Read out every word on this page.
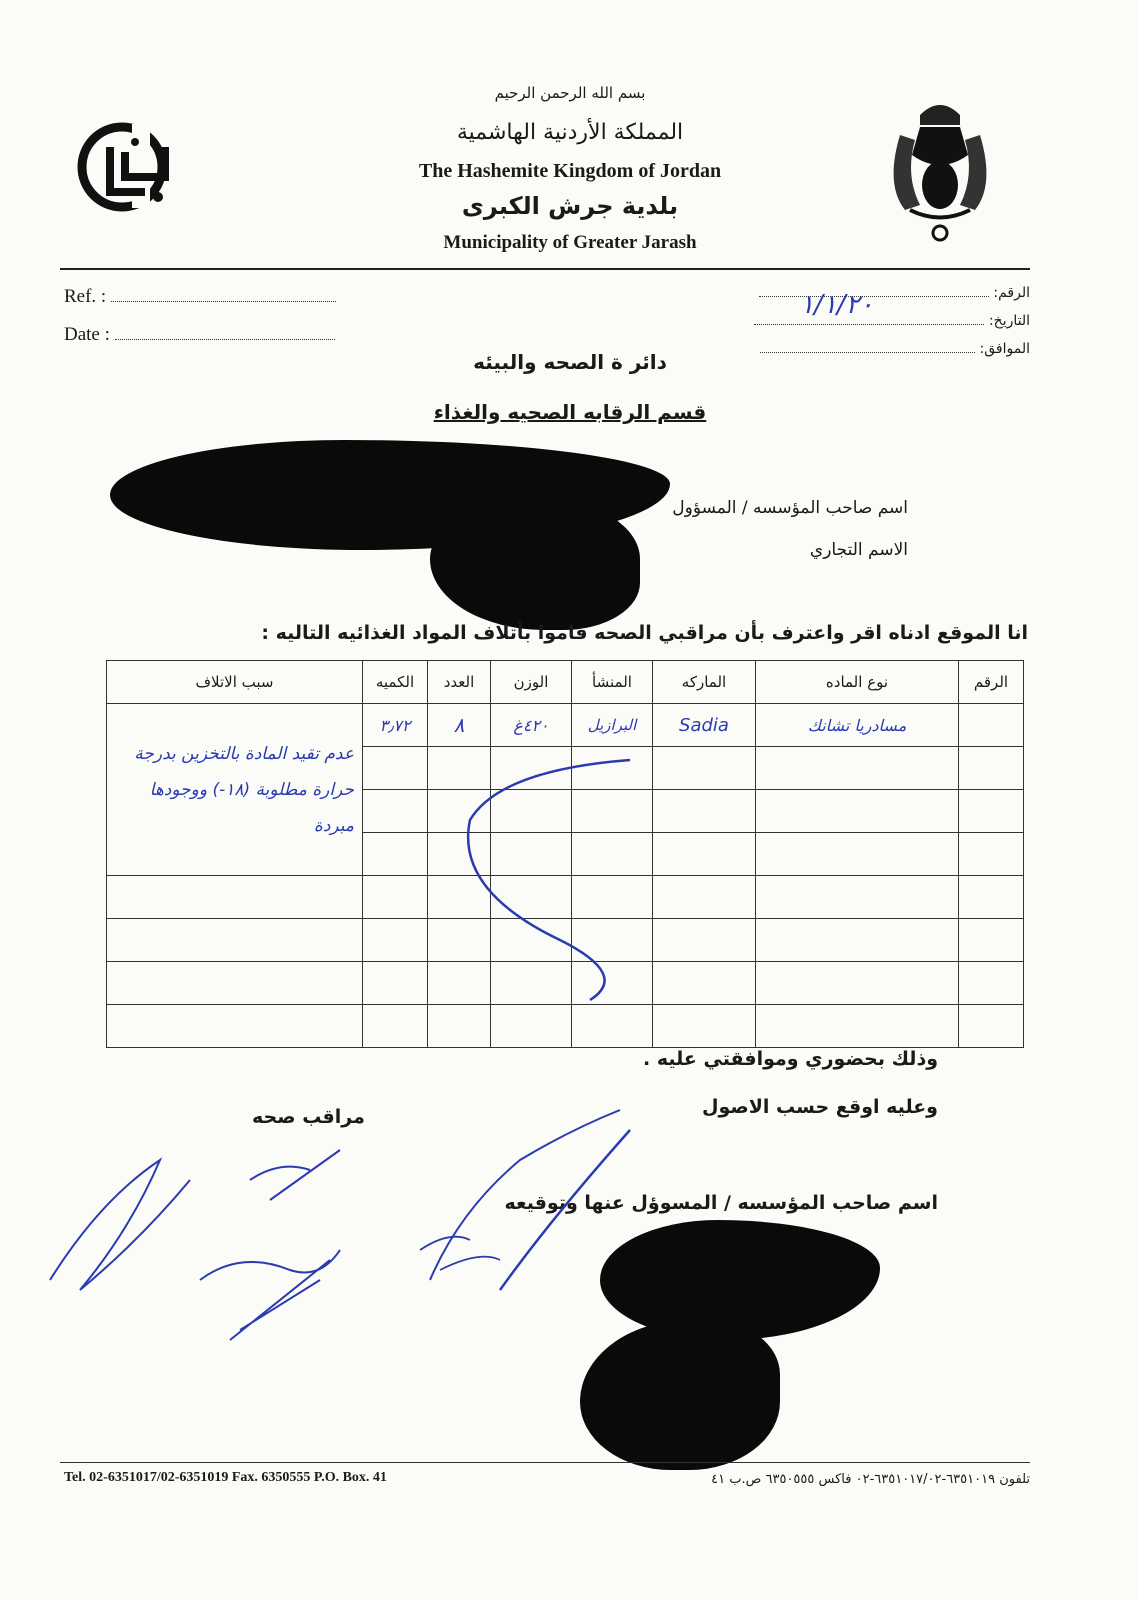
بسم الله الرحمن الرحيم
المملكة الأردنية الهاشمية
The Hashemite Kingdom of Jordan
بلدية جرش الكبرى
Municipality of Greater Jarash
Ref. :
Date :
الرقم:
التاريخ:
١/١/٢٠
الموافق:
دائر ة الصحه والبيئه
قسم الرقابه الصحيه والغذاء
اسم صاحب المؤسسه / المسؤول
الاسم التجاري
انا الموقع ادناه اقر واعترف بأن مراقبي الصحه قاموا بأتلاف المواد الغذائيه التاليه :
الرقم	نوع الماده	الماركه	المنشأ	الوزن	العدد	الكميه	سبب الاتلاف
	مسادريا تشانك	Sadia	البرازيل	٤٢٠غ	٨	٣٫٧٢	عدم تقيد المادة بالتخزين بدرجة حرارة مطلوبة (١٨-) ووجودها مبردة

وذلك بحضوري وموافقتي عليه .
وعليه اوقع حسب الاصول
مراقب صحه
اسم صاحب المؤسسه / المسوؤل عنها وتوقيعه
Tel. 02-6351017/02-6351019 Fax. 6350555 P.O. Box. 41	تلفون ٦٣٥١٠١٩-٦٣٥١٠١٧/٠٢-٠٢ فاكس ٦٣٥٠٥٥٥ ص.ب ٤١
